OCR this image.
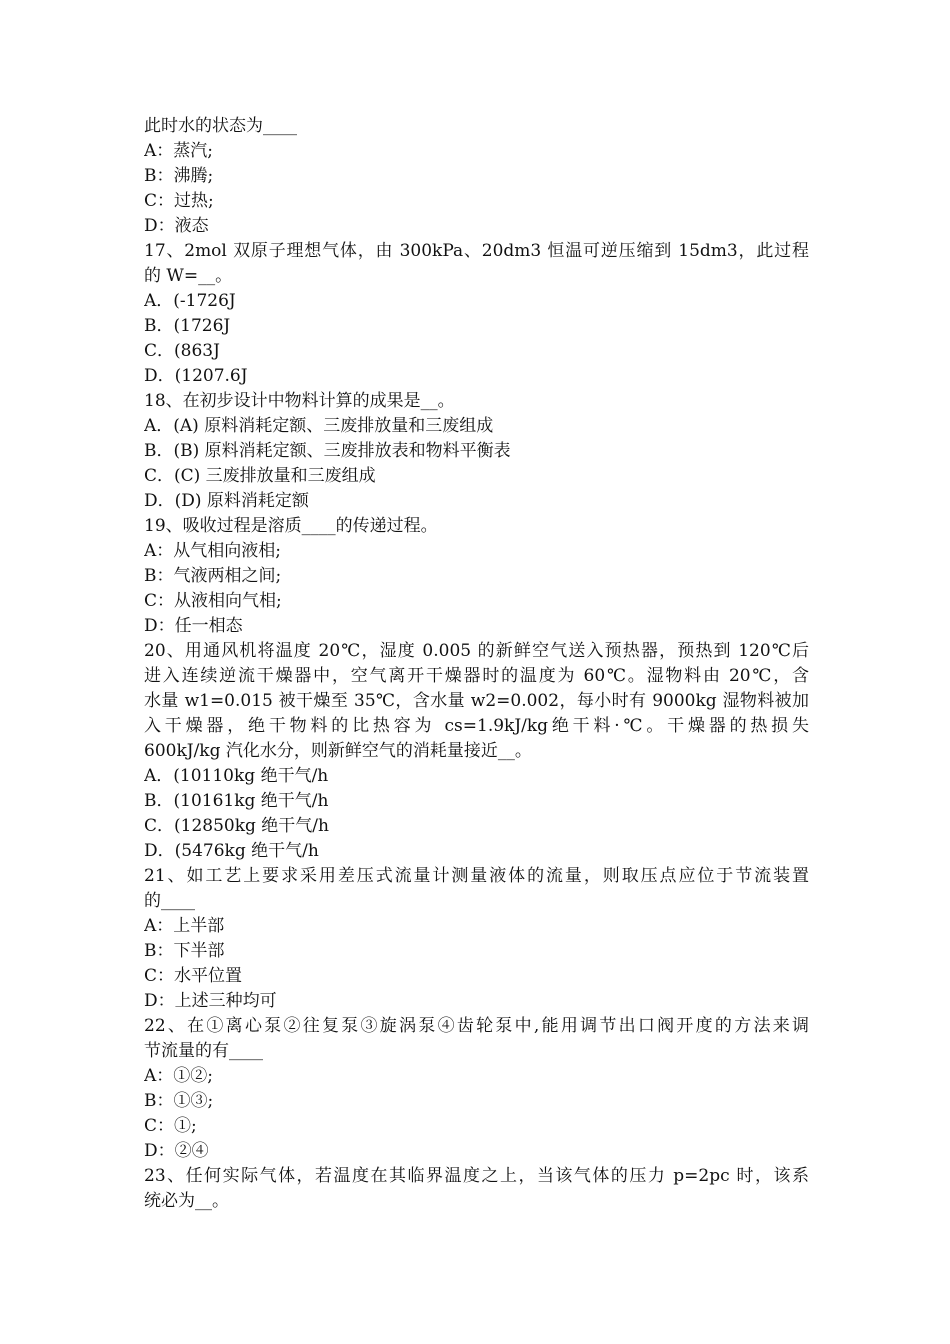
此时水的状态为____
A：蒸汽;
B：沸腾;
C：过热;
D：液态
17、2mol 双原子理想气体，由 300kPa、20dm3 恒温可逆压缩到 15dm3，此过程
的 W=__。
A．(-1726J
B．(1726J
C．(863J
D．(1207.6J
18、在初步设计中物料计算的成果是__。
A．(A) 原料消耗定额、三废排放量和三废组成
B．(B) 原料消耗定额、三废排放表和物料平衡表
C．(C) 三废排放量和三废组成
D．(D) 原料消耗定额
19、吸收过程是溶质____的传递过程。
A：从气相向液相;
B：气液两相之间;
C：从液相向气相;
D：任一相态
20、用通风机将温度 20℃，湿度 0.005 的新鲜空气送入预热器，预热到 120℃后
进入连续逆流干燥器中，空气离开干燥器时的温度为 60℃。湿物料由 20℃，含
水量 w1=0.015 被干燥至 35℃，含水量 w2=0.002，每小时有 9000kg 湿物料被加
入干燥器，绝干物料的比热容为 cs=1.9kJ/kg绝干料·℃。干燥器的热损失
600kJ/kg 汽化水分，则新鲜空气的消耗量接近__。
A．(10110kg 绝干气/h
B．(10161kg 绝干气/h
C．(12850kg 绝干气/h
D．(5476kg 绝干气/h
21、如工艺上要求采用差压式流量计测量液体的流量，则取压点应位于节流装置
的____
A：上半部
B：下半部
C：水平位置
D：上述三种均可
22、在①离心泵②往复泵③旋涡泵④齿轮泵中,能用调节出口阀开度的方法来调
节流量的有____
A：①②;
B：①③;
C：①;
D：②④
23、任何实际气体，若温度在其临界温度之上，当该气体的压力 p=2pc 时，该系
统必为__。
